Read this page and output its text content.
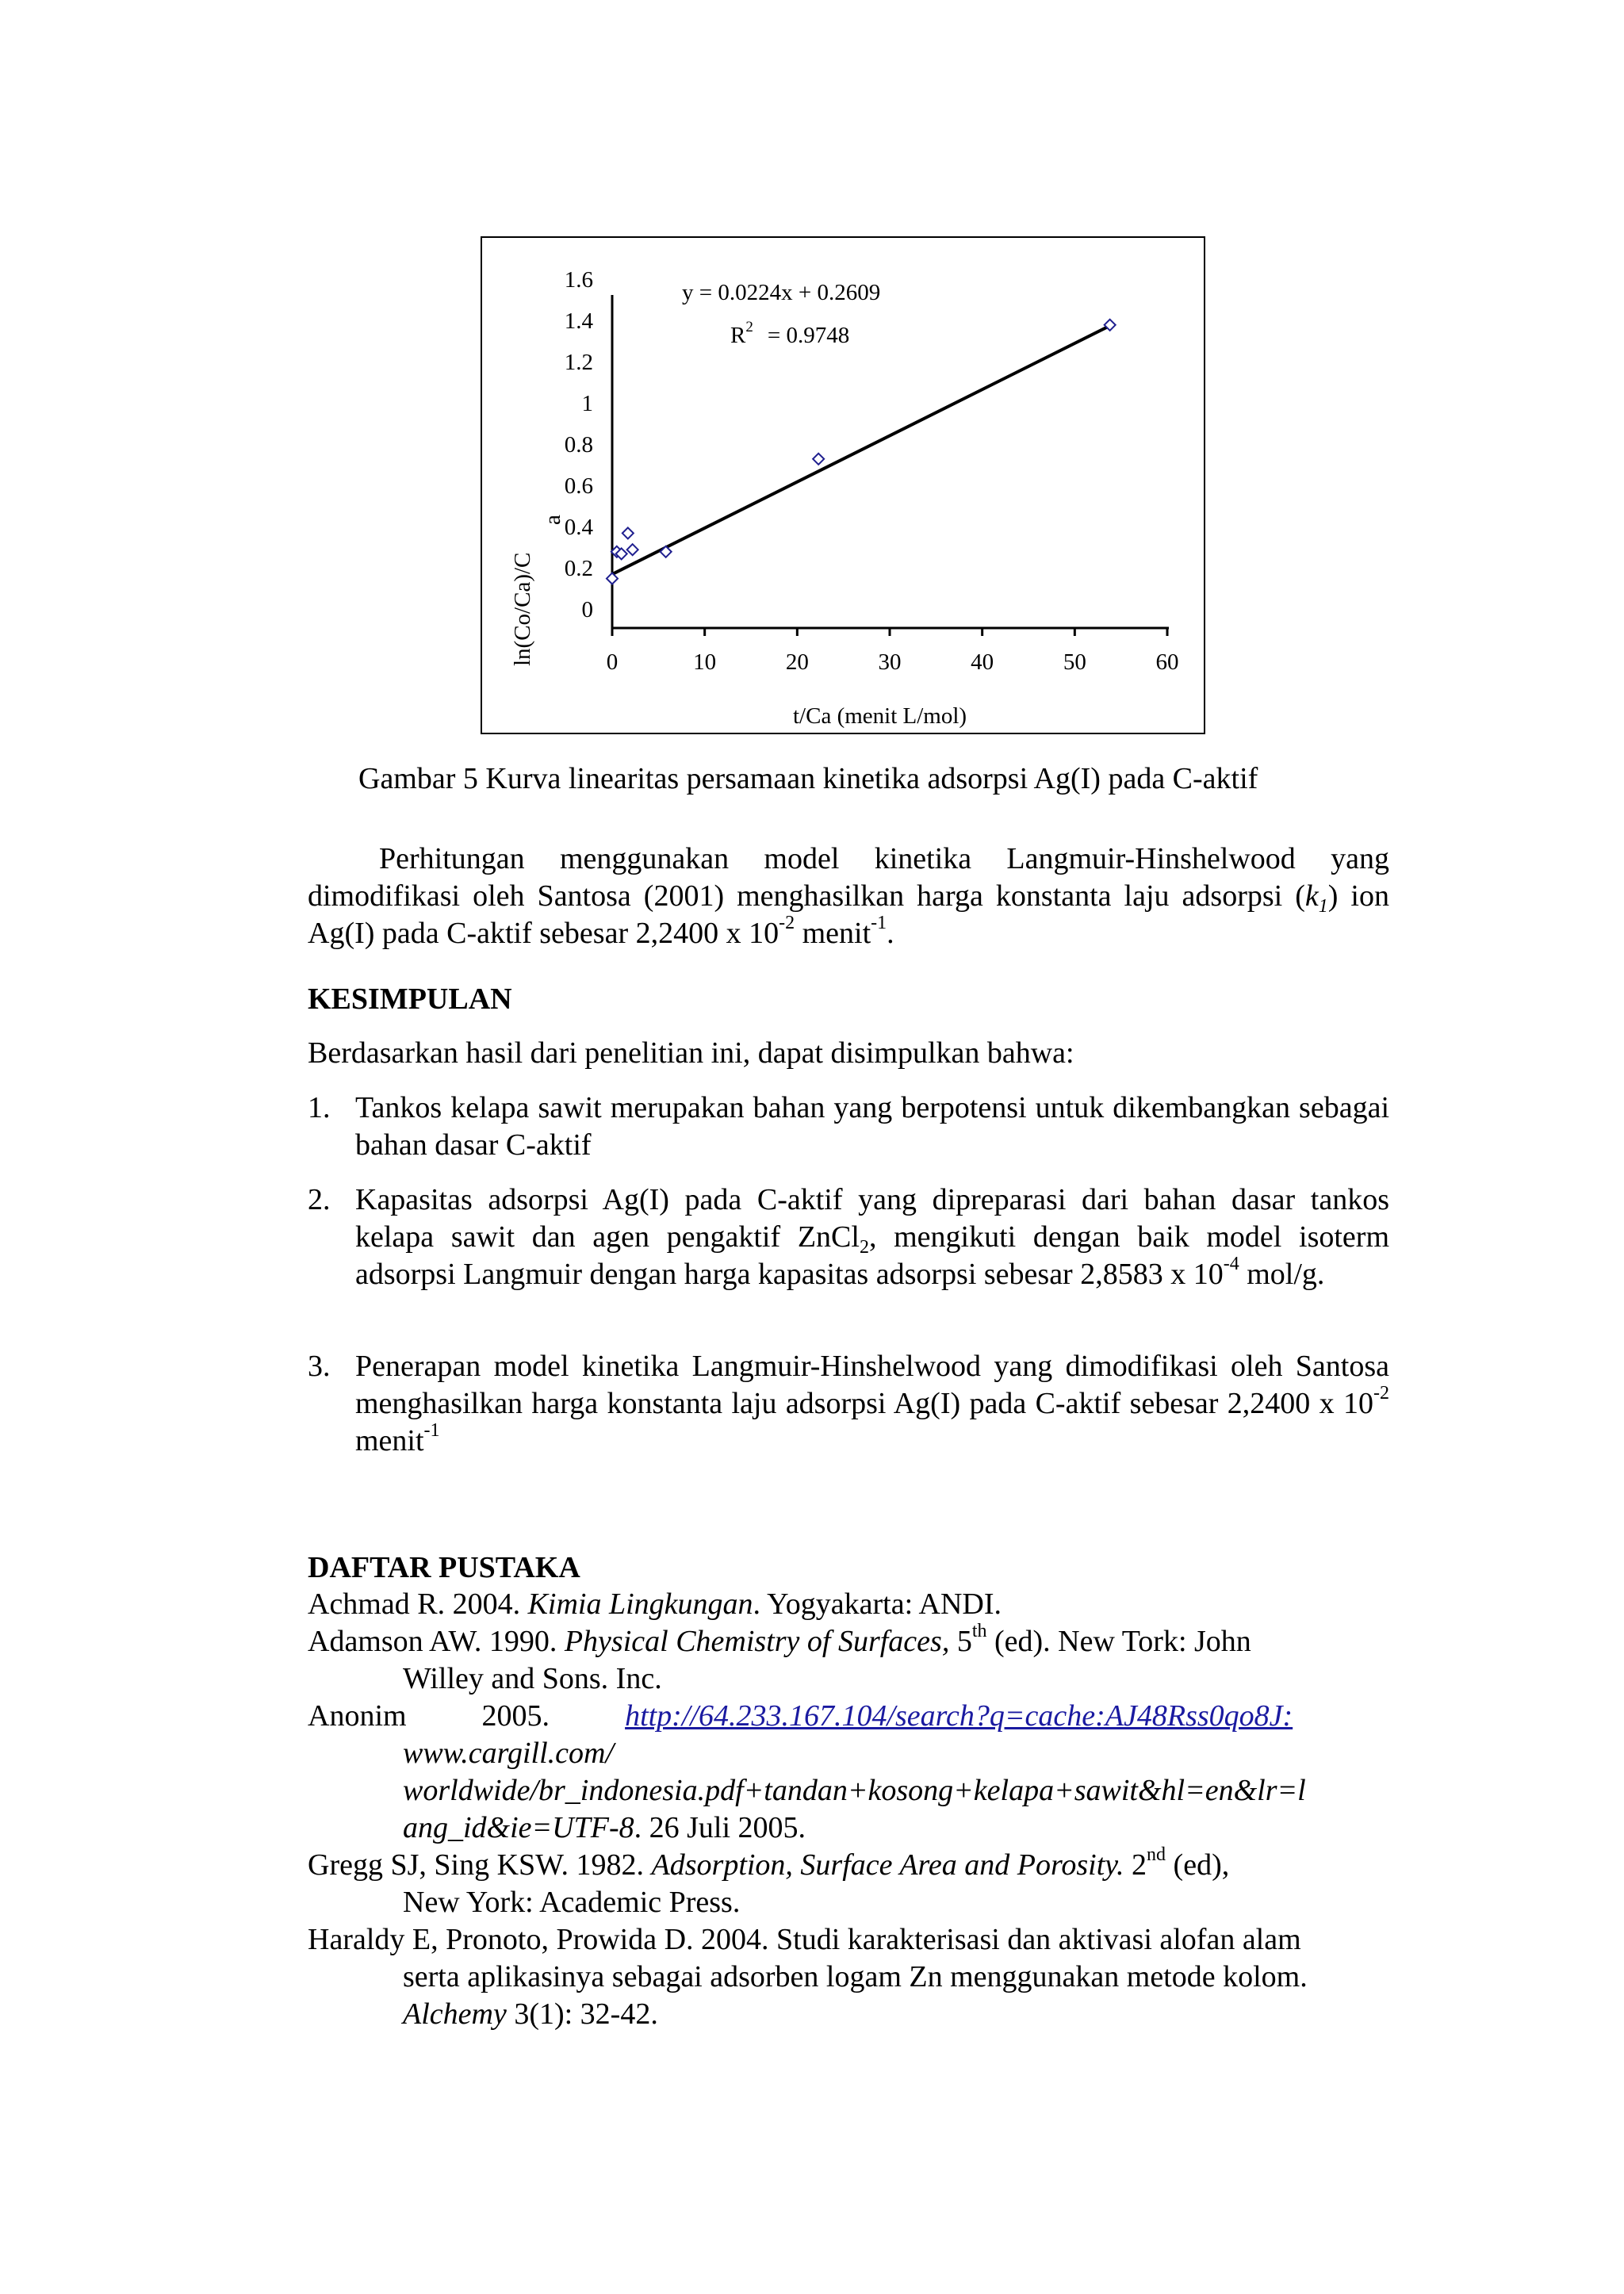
0	10	20	30	40	50	60
0
0.2
0.4
0.6
0.8
1
1.2
1.4
1.6	y = 0.0224x + 0.2609
$R^2 = 0.9748$
ln(Co/Ca)/C
a
t/Ca (menit L/mol)
Gambar 5 Kurva linearitas persamaan kinetika adsorpsi Ag(I) pada C-aktif
Perhitungan menggunakan model kinetika Langmuir-Hinshelwood yang dimodifikasi oleh Santosa (2001) menghasilkan harga konstanta laju adsorpsi $(k_1)$ ion Ag(I) pada C-aktif sebesar 2,2400 x $10^{-2}$ menit$^{-1}$.
KESIMPULAN
Berdasarkan hasil dari penelitian ini, dapat disimpulkan bahwa:
1. Tankos kelapa sawit merupakan bahan yang berpotensi untuk dikembangkan sebagai bahan dasar C-aktif
2. Kapasitas adsorpsi Ag(I) pada C-aktif yang dipreparasi dari bahan dasar tankos kelapa sawit dan agen pengaktif ZnCl$_2$, mengikuti dengan baik model isoterm adsorpsi Langmuir dengan harga kapasitas adsorpsi sebesar 2,8583 x $10^{-4}$ mol/g.
3. Penerapan model kinetika Langmuir-Hinshelwood yang dimodifikasi oleh Santosa menghasilkan harga konstanta laju adsorpsi Ag(I) pada C-aktif sebesar 2,2400 x $10^{-2}$ menit$^{-1}$
DAFTAR PUSTAKA
Achmad R. 2004. Kimia Lingkungan. Yogyakarta: ANDI.
Adamson AW. 1990. Physical Chemistry of Surfaces, 5th (ed). New Tork: John
Willey and Sons. Inc.
Anonim          2005.          http://64.233.167.104/search?q=cache:AJ48Rss0qo8J:
www.cargill.com/
worldwide/br_indonesia.pdf+tandan+kosong+kelapa+sawit&hl=en&lr=l
ang_id&ie=UTF-8. 26 Juli 2005.
Gregg SJ, Sing KSW. 1982. Adsorption, Surface Area and Porosity. 2nd (ed),
New York: Academic Press.
Haraldy E, Pronoto, Prowida D. 2004. Studi karakterisasi dan aktivasi alofan alam
serta aplikasinya sebagai adsorben logam Zn menggunakan metode kolom.
Alchemy 3(1): 32-42.
